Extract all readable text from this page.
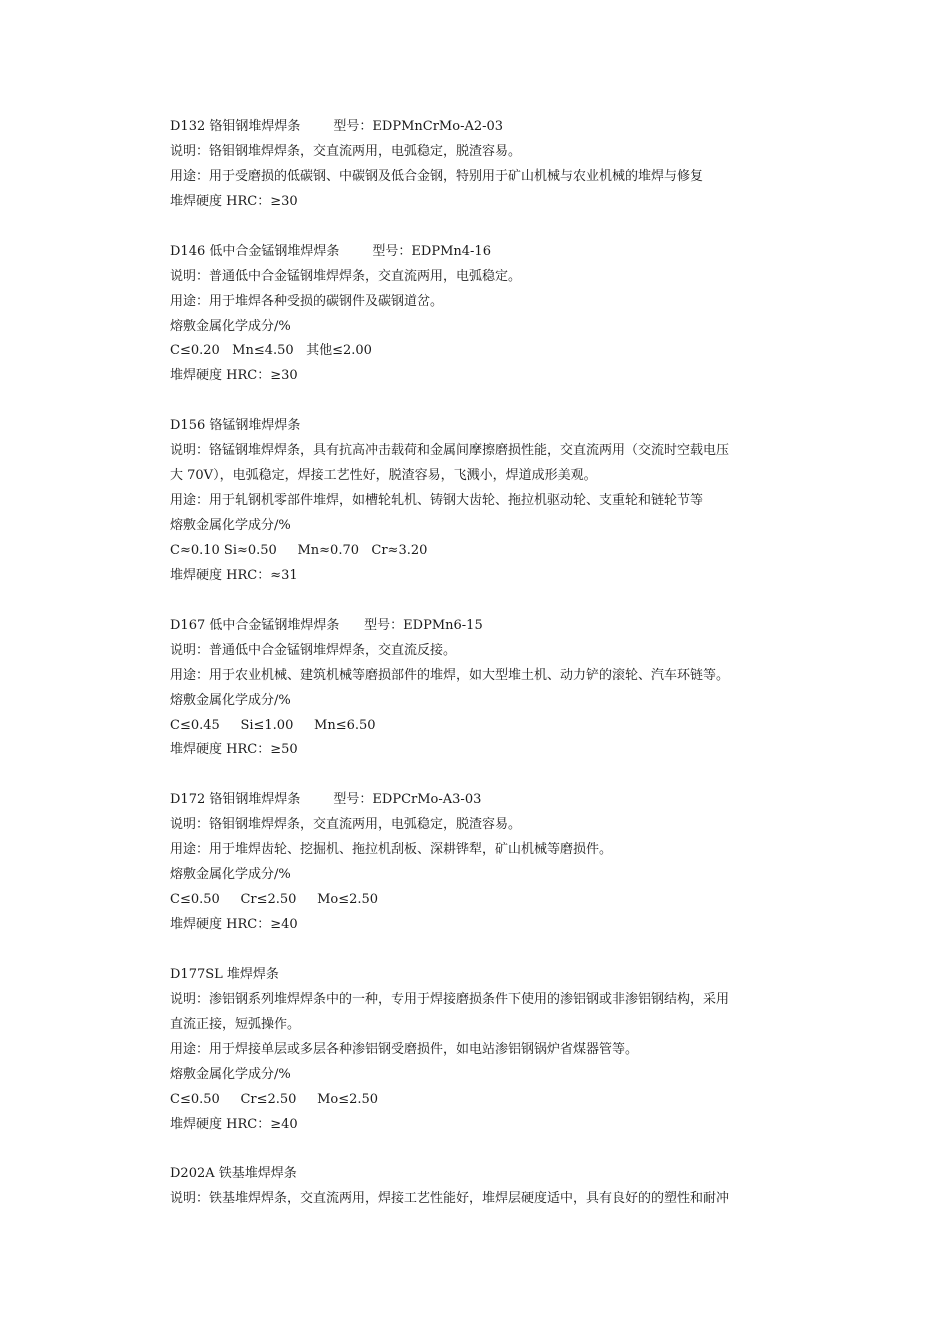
D132 铬钼钢堆焊焊条        型号：EDPMnCrMo-A2-03
说明：铬钼钢堆焊焊条，交直流两用，电弧稳定，脱渣容易。
用途：用于受磨损的低碳钢、中碳钢及低合金钢，特别用于矿山机械与农业机械的堆焊与修复
堆焊硬度 HRC：≥30
D146 低中合金锰钢堆焊焊条        型号：EDPMn4-16
说明：普通低中合金锰钢堆焊焊条，交直流两用，电弧稳定。
用途：用于堆焊各种受损的碳钢件及碳钢道岔。
熔敷金属化学成分/%
C≤0.20   Mn≤4.50   其他≤2.00
堆焊硬度 HRC：≥30
D156 铬锰钢堆焊焊条
说明：铬锰钢堆焊焊条，具有抗高冲击载荷和金属间摩擦磨损性能，交直流两用（交流时空载电压
大 70V），电弧稳定，焊接工艺性好，脱渣容易，飞溅小，焊道成形美观。
用途：用于轧钢机零部件堆焊，如槽轮轧机、铸钢大齿轮、拖拉机驱动轮、支重轮和链轮节等
熔敷金属化学成分/%
C≈0.10 Si≈0.50     Mn≈0.70   Cr≈3.20
堆焊硬度 HRC：≈31
D167 低中合金锰钢堆焊焊条      型号：EDPMn6-15
说明：普通低中合金锰钢堆焊焊条，交直流反接。
用途：用于农业机械、建筑机械等磨损部件的堆焊，如大型堆土机、动力铲的滚轮、汽车环链等。
熔敷金属化学成分/%
C≤0.45     Si≤1.00     Mn≤6.50
堆焊硬度 HRC：≥50
D172 铬钼钢堆焊焊条        型号：EDPCrMo-A3-03
说明：铬钼钢堆焊焊条，交直流两用，电弧稳定，脱渣容易。
用途：用于堆焊齿轮、挖掘机、拖拉机刮板、深耕铧犁，矿山机械等磨损件。
熔敷金属化学成分/%
C≤0.50     Cr≤2.50     Mo≤2.50
堆焊硬度 HRC：≥40
D177SL 堆焊焊条
说明：渗铝钢系列堆焊焊条中的一种，专用于焊接磨损条件下使用的渗铝钢或非渗铝钢结构，采用
直流正接，短弧操作。
用途：用于焊接单层或多层各种渗铝钢受磨损件，如电站渗铝钢锅炉省煤器管等。
熔敷金属化学成分/%
C≤0.50     Cr≤2.50     Mo≤2.50
堆焊硬度 HRC：≥40
D202A 铁基堆焊焊条
说明：铁基堆焊焊条，交直流两用，焊接工艺性能好，堆焊层硬度适中，具有良好的的塑性和耐冲
